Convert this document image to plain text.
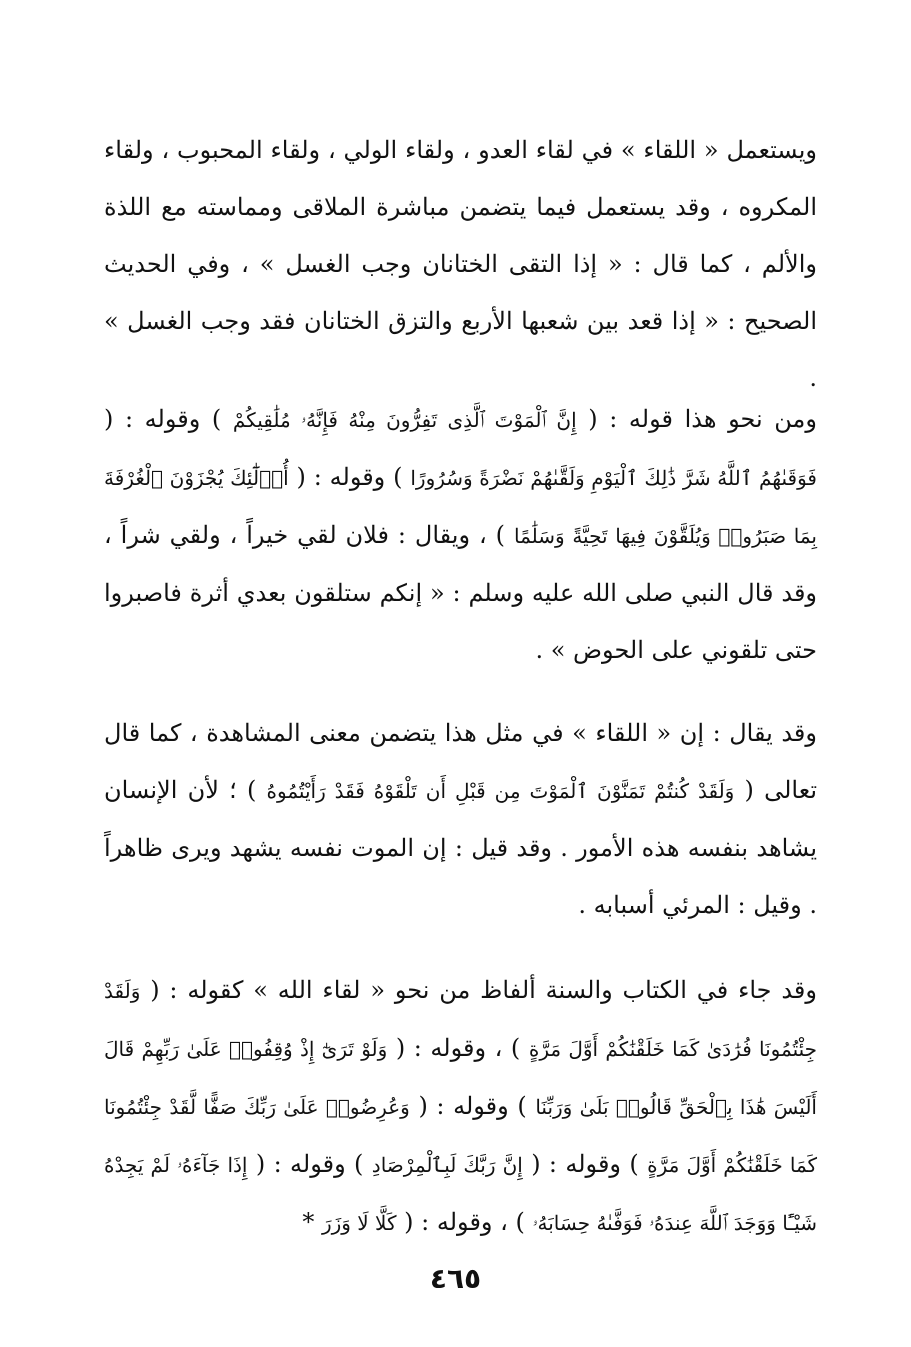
ويستعمل « اللقاء » في لقاء العدو ، ولقاء الولي ، ولقاء المحبوب ، ولقاء المكروه ، وقد يستعمل فيما يتضمن مباشرة الملاقى ومماسته مع اللذة والألم ، كما قال : « إذا التقى الختانان وجب الغسل » ، وفي الحديث الصحيح : « إذا قعد بين شعبها الأربع والتزق الختانان فقد وجب الغسل » .

ومن نحو هذا قوله : ( إِنَّ ٱلْمَوْتَ ٱلَّذِى تَفِرُّونَ مِنْهُ فَإِنَّهُۥ مُلَٰقِيكُمْ ) وقوله : ( فَوَقَىٰهُمُ ٱللَّهُ شَرَّ ذَٰلِكَ ٱلْيَوْمِ وَلَقَّىٰهُمْ نَضْرَةً وَسُرُورًا ) وقوله : ( أُو۟لَٰٓئِكَ يُجْزَوْنَ ٱلْغُرْفَةَ بِمَا صَبَرُوا۟ وَيُلَقَّوْنَ فِيهَا تَحِيَّةً وَسَلَٰمًا ) ، ويقال : فلان لقي خيراً ، ولقي شراً ، وقد قال النبي صلى الله عليه وسلم : « إنكم ستلقون بعدي أثرة فاصبروا حتى تلقوني على الحوض » .

وقد يقال : إن « اللقاء » في مثل هذا يتضمن معنى المشاهدة ، كما قال تعالى ( وَلَقَدْ كُنتُمْ تَمَنَّوْنَ ٱلْمَوْتَ مِن قَبْلِ أَن تَلْقَوْهُ فَقَدْ رَأَيْتُمُوهُ ) ؛ لأن الإنسان يشاهد بنفسه هذه الأمور . وقد قيل : إن الموت نفسه يشهد ويرى ظاهراً . وقيل : المرئي أسبابه .

وقد جاء في الكتاب والسنة ألفاظ من نحو « لقاء الله » كقوله : ( وَلَقَدْ جِئْتُمُونَا فُرَٰدَىٰ كَمَا خَلَقْنَٰكُمْ أَوَّلَ مَرَّةٍ ) ، وقوله : ( وَلَوْ تَرَىٰٓ إِذْ وُقِفُوا۟ عَلَىٰ رَبِّهِمْ قَالَ أَلَيْسَ هَٰذَا بِٱلْحَقِّ قَالُوا۟ بَلَىٰ وَرَبِّنَا ) وقوله : ( وَعُرِضُوا۟ عَلَىٰ رَبِّكَ صَفًّا لَّقَدْ جِئْتُمُونَا كَمَا خَلَقْنَٰكُمْ أَوَّلَ مَرَّةٍ ) وقوله : ( إِنَّ رَبَّكَ لَبِٱلْمِرْصَادِ ) وقوله : ( إِذَا جَآءَهُۥ لَمْ يَجِدْهُ شَيْـًٔا وَوَجَدَ ٱللَّهَ عِندَهُۥ فَوَفَّىٰهُ حِسَابَهُۥ ) ، وقوله : ( كَلَّا لَا وَزَرَ *

٤٦٥
